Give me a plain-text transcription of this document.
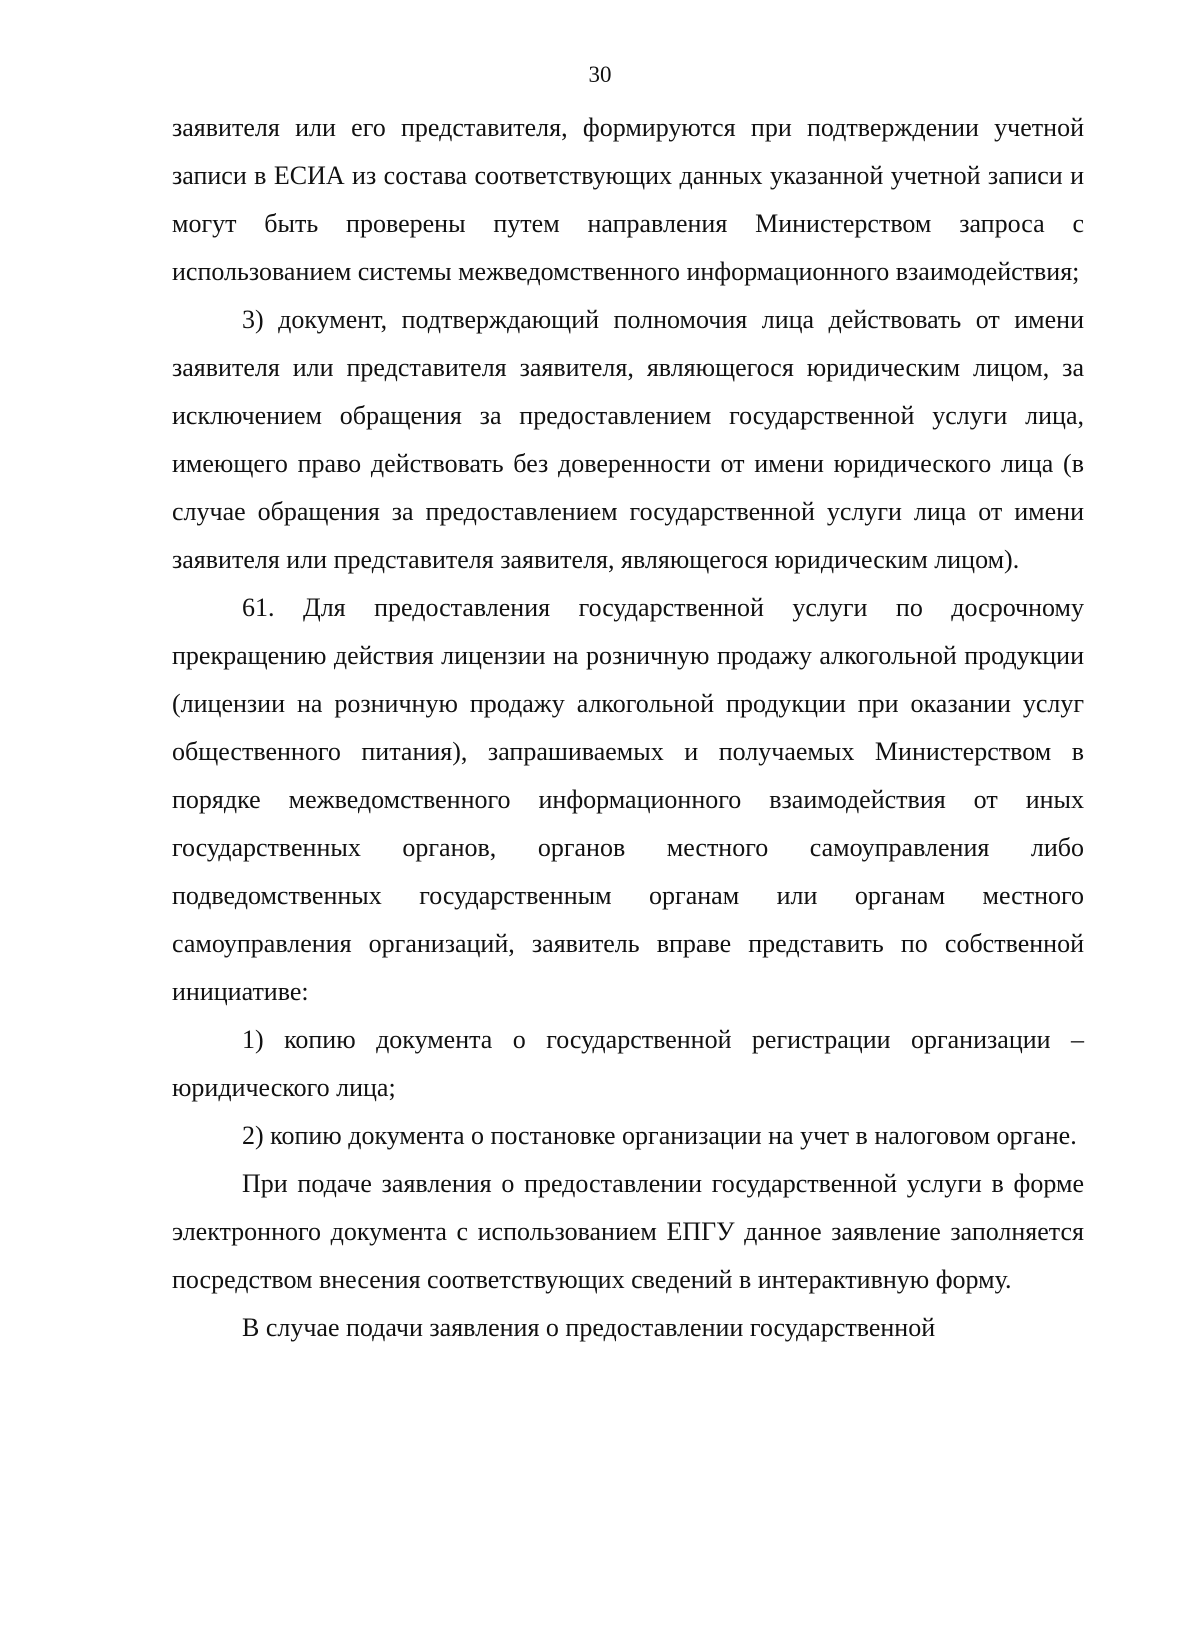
30

заявителя или его представителя, формируются при подтверждении учетной записи в ЕСИА из состава соответствующих данных указанной учетной записи и могут быть проверены путем направления Министерством запроса с использованием системы межведомственного информационного взаимодействия;

3) документ, подтверждающий полномочия лица действовать от имени заявителя или представителя заявителя, являющегося юридическим лицом, за исключением обращения за предоставлением государственной услуги лица, имеющего право действовать без доверенности от имени юридического лица (в случае обращения за предоставлением государственной услуги лица от имени заявителя или представителя заявителя, являющегося юридическим лицом).

61. Для предоставления государственной услуги по досрочному прекращению действия лицензии на розничную продажу алкогольной продукции (лицензии на розничную продажу алкогольной продукции при оказании услуг общественного питания), запрашиваемых и получаемых Министерством в порядке межведомственного информационного взаимодействия от иных государственных органов, органов местного самоуправления либо подведомственных государственным органам или органам местного самоуправления организаций, заявитель вправе представить по собственной инициативе:

1) копию документа о государственной регистрации организации – юридического лица;

2) копию документа о постановке организации на учет в налоговом органе.

При подаче заявления о предоставлении государственной услуги в форме электронного документа с использованием ЕПГУ данное заявление заполняется посредством внесения соответствующих сведений в интерактивную форму.

В случае подачи заявления о предоставлении государственной
